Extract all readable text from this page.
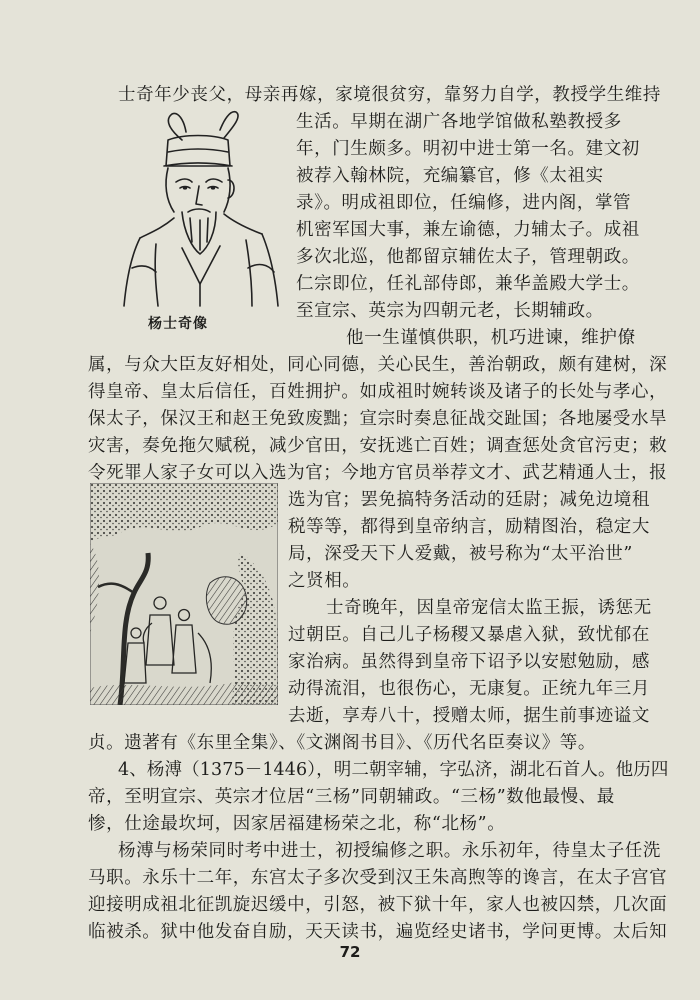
杨士奇像
士奇年少丧父，母亲再嫁，家境很贫穷，靠努力自学，教授学生维持
生活。早期在湖广各地学馆做私塾教授多
年，门生颇多。明初中进士第一名。建文初
被荐入翰林院，充编纂官，修《太祖实
录》。明成祖即位，任编修，进内阁，掌管
机密军国大事，兼左谕德，力辅太子。成祖
多次北巡，他都留京辅佐太子，管理朝政。
仁宗即位，任礼部侍郎，兼华盖殿大学士。
至宣宗、英宗为四朝元老，长期辅政。
他一生谨慎供职，机巧进谏，维护僚
属，与众大臣友好相处，同心同德，关心民生，善治朝政，颇有建树，深
得皇帝、皇太后信任，百姓拥护。如成祖时婉转谈及诸子的长处与孝心，
保太子，保汉王和赵王免致废黜；宣宗时奏息征战交趾国；各地屡受水旱
灾害，奏免拖欠赋税，减少官田，安抚逃亡百姓；调查惩处贪官污吏；敕
令死罪人家子女可以入选为官；今地方官员举荐文才、武艺精通人士，报
选为官；罢免搞特务活动的廷尉；减免边境租
税等等，都得到皇帝纳言，励精图治，稳定大
局，深受天下人爱戴，被号称为“太平治世”
之贤相。
士奇晚年，因皇帝宠信太监王振，诱惩无
过朝臣。自己儿子杨稷又暴虐入狱，致忧郁在
家治病。虽然得到皇帝下诏予以安慰勉励，感
动得流泪，也很伤心，无康复。正统九年三月
去逝，享寿八十，授赠太师，据生前事迹谥文
贞。遗著有《东里全集》、《文渊阁书目》、《历代名臣奏议》等。
4、杨溥（1375－1446），明二朝宰辅，字弘济，湖北石首人。他历四
帝，至明宣宗、英宗才位居“三杨”同朝辅政。“三杨”数他最慢、最
惨，仕途最坎坷，因家居福建杨荣之北，称“北杨”。
杨溥与杨荣同时考中进士，初授编修之职。永乐初年，待皇太子任洗
马职。永乐十二年，东宫太子多次受到汉王朱高煦等的谗言，在太子宫官
迎接明成祖北征凯旋迟缓中，引怒，被下狱十年，家人也被囚禁，几次面
临被杀。狱中他发奋自励，天天读书，遍览经史诸书，学问更博。太后知
72
